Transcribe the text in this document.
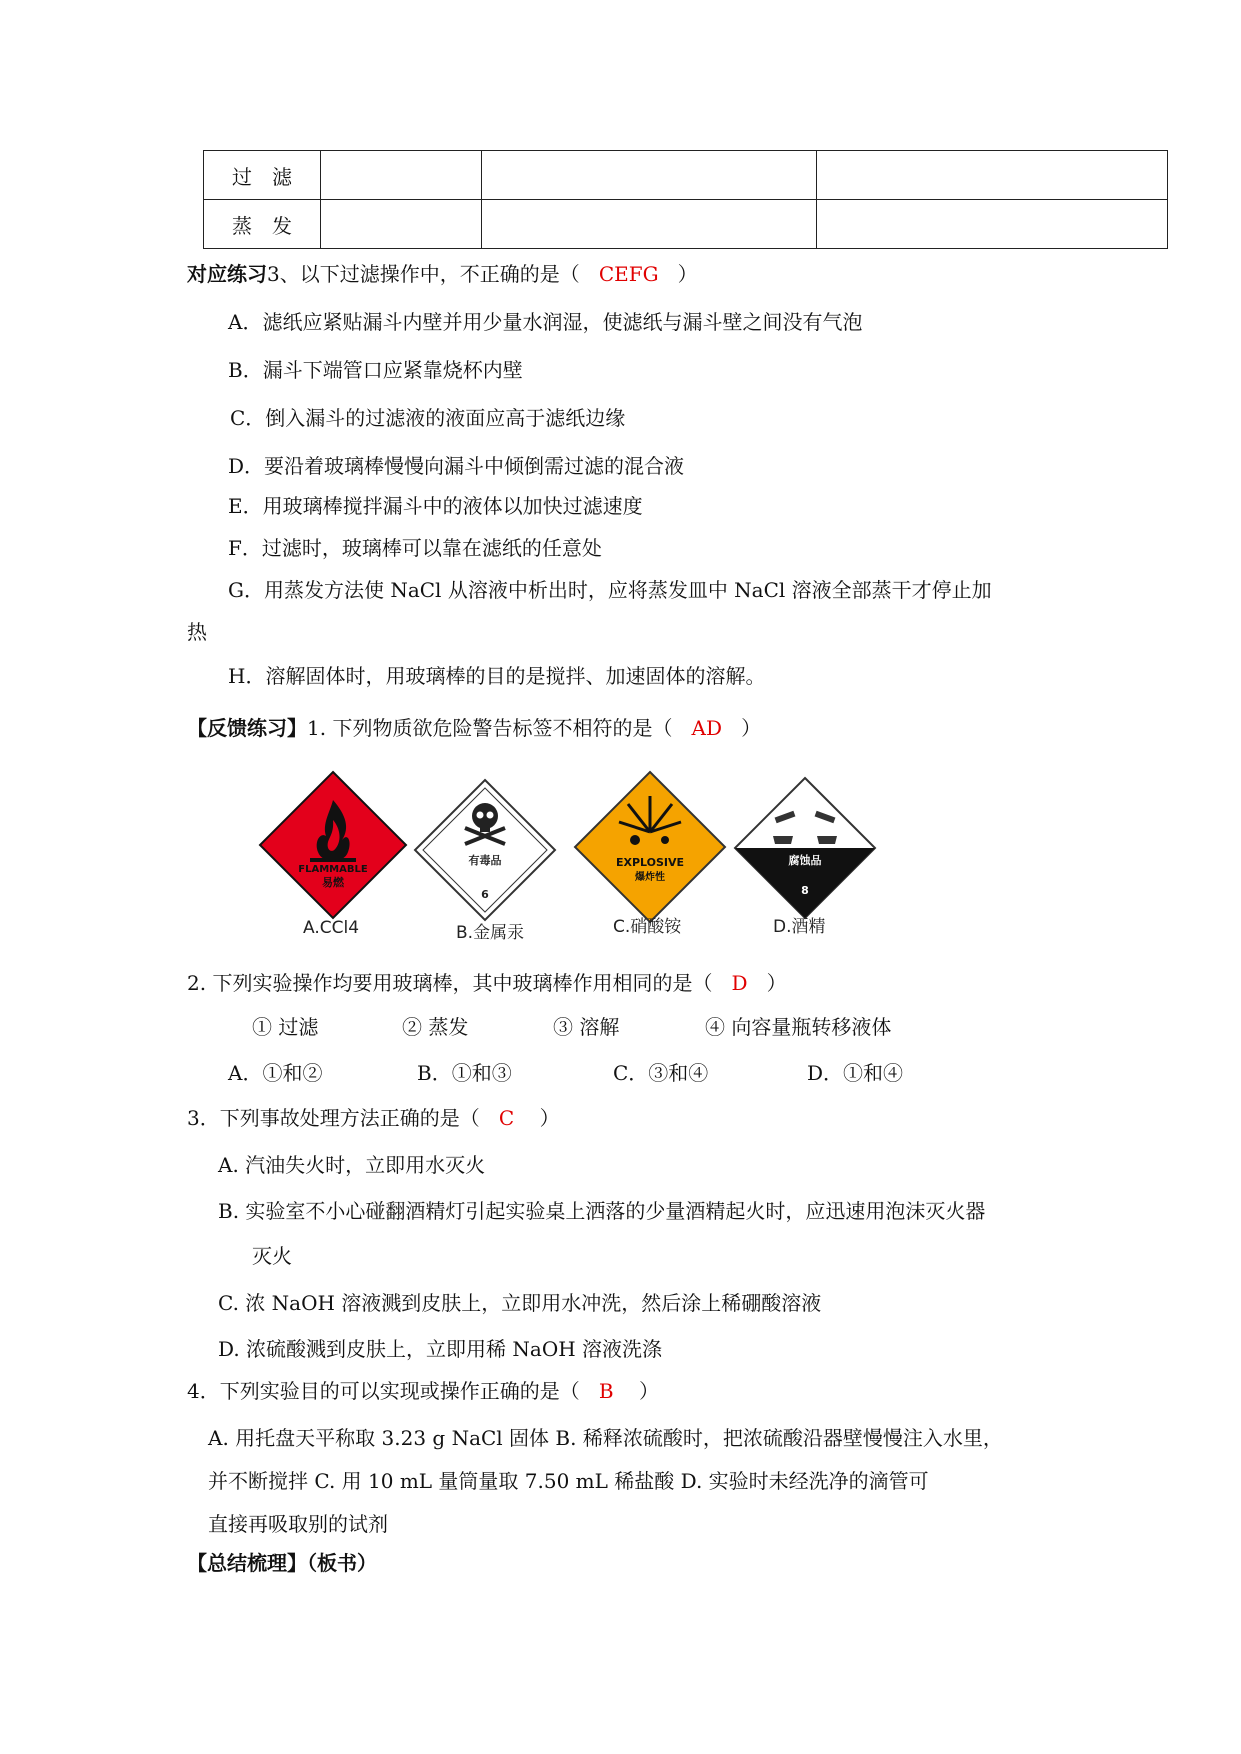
过　滤			
蒸　发			
对应练习3、以下过滤操作中，不正确的是（ CEFG ）
A．滤纸应紧贴漏斗内壁并用少量水润湿，使滤纸与漏斗壁之间没有气泡
B．漏斗下端管口应紧靠烧杯内壁
C．倒入漏斗的过滤液的液面应高于滤纸边缘
D．要沿着玻璃棒慢慢向漏斗中倾倒需过滤的混合液
E．用玻璃棒搅拌漏斗中的液体以加快过滤速度
F．过滤时，玻璃棒可以靠在滤纸的任意处
G．用蒸发方法使 NaCl 从溶液中析出时，应将蒸发皿中 NaCl 溶液全部蒸干才停止加
热
H．溶解固体时，用玻璃棒的目的是搅拌、加速固体的溶解。
【反馈练习】1. 下列物质欲危险警告标签不相符的是（ AD ）
FLAMMABLE
易燃
有毒品
6
EXPLOSIVE
爆炸性
腐蚀品
8
A.CCl4	B.金属汞	C.硝酸铵	D.酒精
2. 下列实验操作均要用玻璃棒，其中玻璃棒作用相同的是（ D ）
① 过滤	② 蒸发	③ 溶解	④ 向容量瓶转移液体
A．①和②	B．①和③	C．③和④	D．①和④
3．下列事故处理方法正确的是（ C ）
A. 汽油失火时，立即用水灭火
B. 实验室不小心碰翻酒精灯引起实验桌上洒落的少量酒精起火时，应迅速用泡沫灭火器
灭火
C. 浓 NaOH 溶液溅到皮肤上，立即用水冲洗，然后涂上稀硼酸溶液
D. 浓硫酸溅到皮肤上，立即用稀 NaOH 溶液洗涤
4．下列实验目的可以实现或操作正确的是（ B ）
A. 用托盘天平称取 3.23 g NaCl 固体 B. 稀释浓硫酸时，把浓硫酸沿器壁慢慢注入水里，
并不断搅拌 C. 用 10 mL 量筒量取 7.50 mL 稀盐酸 D. 实验时未经洗净的滴管可
直接再吸取别的试剂
【总结梳理】（板书）
